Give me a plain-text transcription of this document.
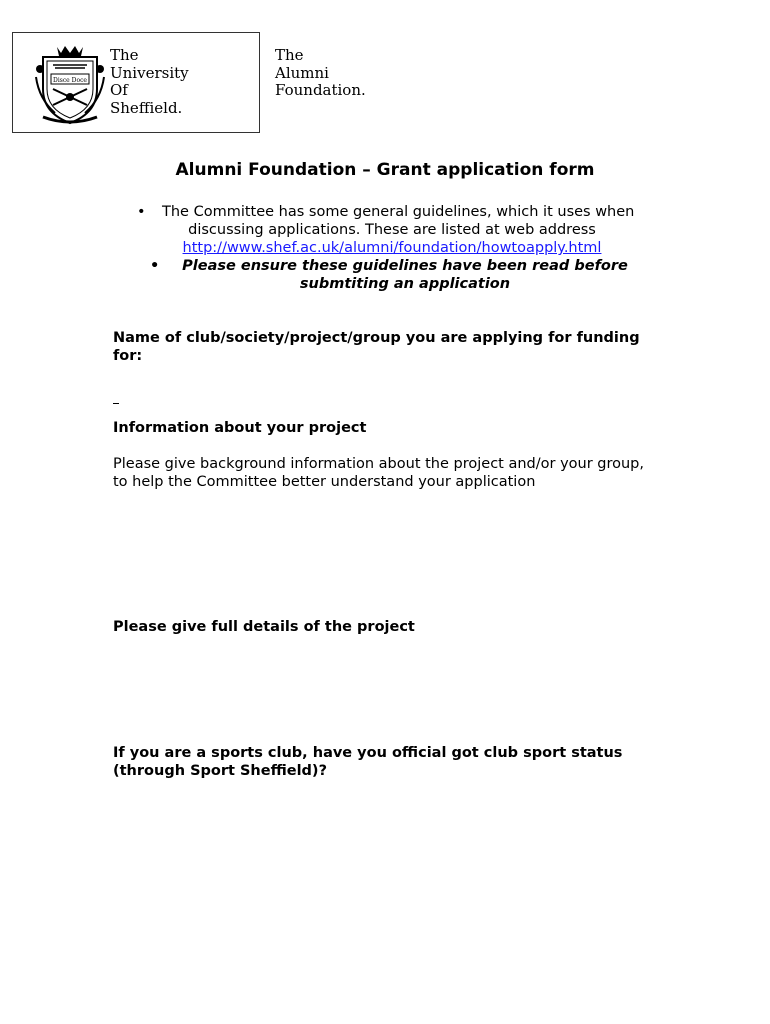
Disce Doce
The
University
Of
Sheffield.
The
Alumni
Foundation.
Alumni Foundation – Grant application form
• The Committee has some general guidelines, which it uses when
discussing applications. These are listed at web address
http://www.shef.ac.uk/alumni/foundation/howtoapply.html
•	Please ensure these guidelines have been read before
submtiting an application
Name of club/society/project/group you are applying for funding for:
Information about your project
Please give background information about the project and/or your group, to help the Committee better understand your application
Please give full details of the project
If you are a sports club, have you official got club sport status (through Sport Sheffield)?
